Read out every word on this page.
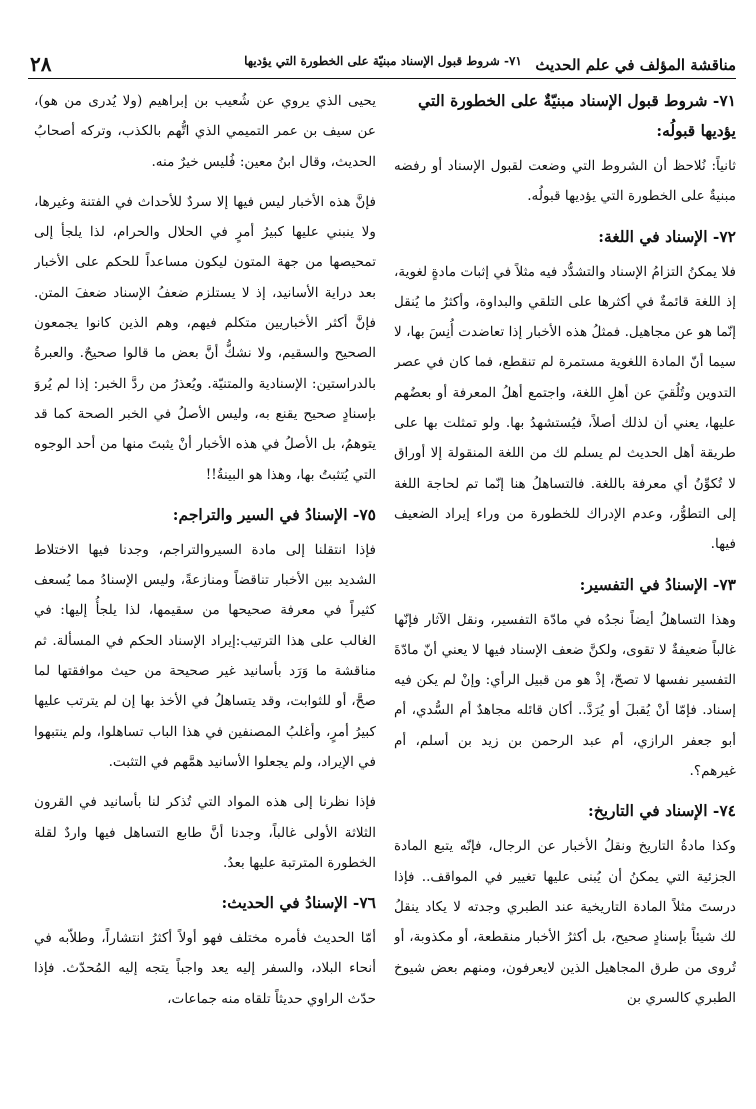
مناقشة المؤلف في علم الحديث
٧١- شروط قبول الإسناد مبنيّة على الخطورة التي يؤديها
٢٨
٧١- شروط قبول الإسناد مبنيّةٌ على الخطورة التي يؤديها قبولُه:

ثانياً: نُلاحظ أن الشروط التي وضعت لقبول الإسناد أو رفضه مبنيةٌ على الخطورة التي يؤديها قبولُه.

٧٢- الإسناد في اللغة:

فلا يمكنُ التزامُ الإسناد والتشدُّد فيه مثلاً في إثبات مادةٍ لغوية، إذ اللغة قائمةٌ في أكثرها على التلقي والبداوة، وأكثرُ ما يُنقل إنّما هو عن مجاهيل. فمثلُ هذه الأخبار إذا تعاضدت أُنِسَ بها، لا سيما أنّ المادة اللغوية مستمرة لم تنقطع، فما كان في عصر التدوين وتُلُقيَ عن أهلِ اللغة، واجتمع أهلُ المعرفة أو بعضُهم عليها، يعني أن لذلك أصلاً، فيُستشهدُ بها. ولو تمثلت بها على طريقة أهل الحديث لم يسلم لك من اللغة المنقولة إلا أوراق لا تُكوِّنُ أي معرفة باللغة. فالتساهلُ هنا إنّما تم لحاجة اللغة إلى التطوُّر، وعدم الإدراك للخطورة من وراء إيراد الضعيف فيها.

٧٣- الإسنادُ في التفسير:

وهذا التساهلُ أيضاً نجدُه في مادّة التفسير، ونقل الآثار فإنّها غالباً ضعيفةٌ لا تقوى، ولكنَّ ضعف الإسناد فيها لا يعني أنّ مادّةَ التفسير نفسها لا تصحّ، إذْ هو من قبيل الرأي: وإنْ لم يكن فيه إسناد. فإمّا أنْ يُقبلَ أو يُرَدَّ.. أكان قائله مجاهدٌ أم السُّدي، أم أبو جعفر الرازي، أم عبد الرحمن بن زيد بن أسلم، أم غيرهم؟.

٧٤- الإسناد في التاريخ:

وكذا مادةُ التاريخ ونقلُ الأخبار عن الرجال، فإنّه يتبع المادة الجزئية التي يمكنُ أن يُبنى عليها تغيير في المواقف.. فإذا درستَ مثلاً المادة التاريخية عند الطبري وجدته لا يكاد ينقلُ لك شيئاً بإسنادٍ صحيح، بل أكثرُ الأخبار منقطعة، أو مكذوبة، أو تُروى من طرق المجاهيل الذين لايعرفون، ومنهم بعض شيوخ الطبري كالسري بن

يحيى الذي يروي عن شُعيب بن إبراهيم (ولا يُدرى من هو)، عن سيف بن عمر التميمي الذي اتُّهم بالكذب، وتركه أصحابُ الحديث، وقال ابنُ معين: فُليس خيرٌ منه.

فإنَّ هذه الأخبار ليس فيها إلا سردٌ للأحداث في الفتنة وغيرها، ولا ينبني عليها كبيرُ أمرٍ في الحلال والحرام، لذا يلجأ إلى تمحيصها من جهة المتون ليكون مساعداً للحكم على الأخبار بعد دراية الأسانيد، إذ لا يستلزم ضعفُ الإسناد ضعفَ المتن. فإنَّ أكثر الأخباريين متكلم فيهم، وهم الذين كانوا يجمعون الصحيح والسقيم، ولا نشكُّ أنَّ بعض ما قالوا صحيحٌ. والعبرةُ بالدراستين: الإسنادية والمتنيّة. ويُعذرُ من ردَّ الخبر: إذا لم يُروَ بإسنادٍ صحيح يقنع به، وليس الأصلُ في الخبر الصحة كما قد يتوهمُ، بل الأصلُ في هذه الأخبار أنْ يثبتَ منها من أحد الوجوه التي يُتثبتُ بها، وهذا هو البينةُ!!

٧٥- الإسنادُ في السير والتراجم:

فإذا انتقلنا إلى مادة السيروالتراجم، وجدنا فيها الاختلاط الشديد بين الأخبار تناقضاً ومنازعةً، وليس الإسنادُ مما يُسعف كثيراً في معرفة صحيحها من سقيمها، لذا يلجأُ إليها: في الغالب على هذا الترتيب:إيراد الإسناد الحكم في المسألة. ثم مناقشة ما وَرَد بأسانيد غير صحيحة من حيث موافقتها لما صحَّ، أو للثوابت، وقد يتساهلُ في الأخذ بها إن لم يترتب عليها كبيرُ أمرٍ، وأغلبُ المصنفين في هذا الباب تساهلوا، ولم ينتبهوا في الإيراد، ولم يجعلوا الأسانيد همَّهم في التثبت.

فإذا نظرنا إلى هذه المواد التي تُذكر لنا بأسانيد في القرون الثلاثة الأولى غالباً، وجدنا أنَّ طابع التساهل فيها واردٌ لقلة الخطورة المترتبة عليها بعدُ.

٧٦- الإسنادُ في الحديث:

أمّا الحديث فأمره مختلف فهو أولاً أكثرُ انتشاراً، وطلاّبه في أنحاء البلاد، والسفر إليه يعد واجباً يتجه إليه المُحدّث. فإذا حدّث الراوي حديثاً تلقاه منه جماعات،
